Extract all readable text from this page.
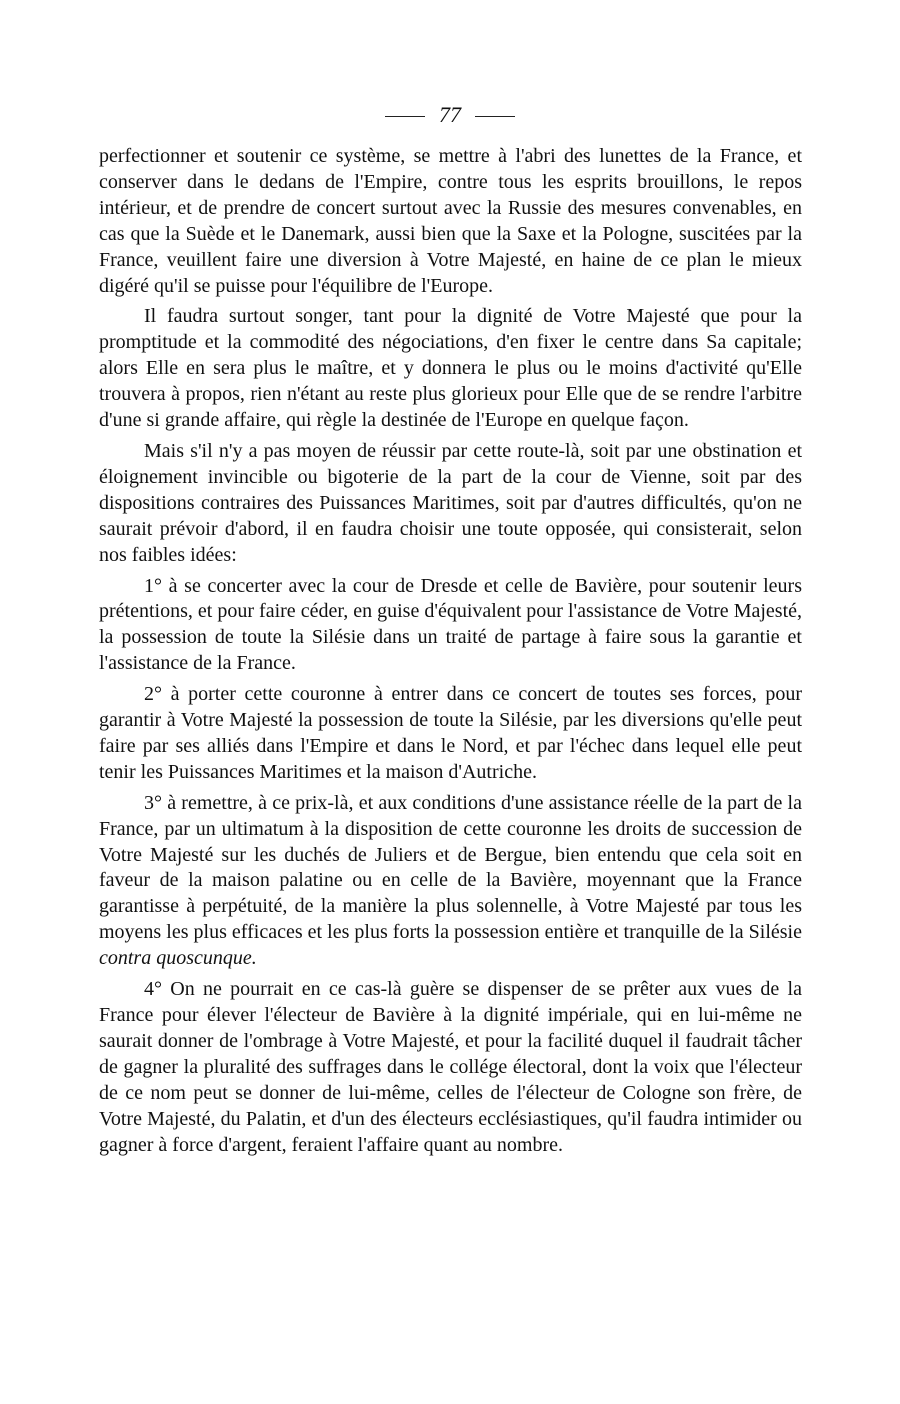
77

perfectionner et soutenir ce système, se mettre à l'abri des lunettes de la France, et conserver dans le dedans de l'Empire, contre tous les esprits brouillons, le repos intérieur, et de prendre de concert surtout avec la Russie des mesures convenables, en cas que la Suède et le Danemark, aussi bien que la Saxe et la Pologne, suscitées par la France, veuillent faire une diversion à Votre Majesté, en haine de ce plan le mieux digéré qu'il se puisse pour l'équilibre de l'Europe.

Il faudra surtout songer, tant pour la dignité de Votre Majesté que pour la promptitude et la commodité des négociations, d'en fixer le centre dans Sa capitale; alors Elle en sera plus le maître, et y donnera le plus ou le moins d'activité qu'Elle trouvera à propos, rien n'étant au reste plus glorieux pour Elle que de se rendre l'arbitre d'une si grande affaire, qui règle la destinée de l'Europe en quelque façon.

Mais s'il n'y a pas moyen de réussir par cette route-là, soit par une obstination et éloignement invincible ou bigoterie de la part de la cour de Vienne, soit par des dispositions contraires des Puissances Maritimes, soit par d'autres difficultés, qu'on ne saurait prévoir d'abord, il en faudra choisir une toute opposée, qui consisterait, selon nos faibles idées:

1° à se concerter avec la cour de Dresde et celle de Bavière, pour soutenir leurs prétentions, et pour faire céder, en guise d'équivalent pour l'assistance de Votre Majesté, la possession de toute la Silésie dans un traité de partage à faire sous la garantie et l'assistance de la France.

2° à porter cette couronne à entrer dans ce concert de toutes ses forces, pour garantir à Votre Majesté la possession de toute la Silésie, par les diversions qu'elle peut faire par ses alliés dans l'Empire et dans le Nord, et par l'échec dans lequel elle peut tenir les Puissances Maritimes et la maison d'Autriche.

3° à remettre, à ce prix-là, et aux conditions d'une assistance réelle de la part de la France, par un ultimatum à la disposition de cette couronne les droits de succession de Votre Majesté sur les duchés de Juliers et de Bergue, bien entendu que cela soit en faveur de la maison palatine ou en celle de la Bavière, moyennant que la France garantisse à perpétuité, de la manière la plus solennelle, à Votre Majesté par tous les moyens les plus efficaces et les plus forts la possession entière et tranquille de la Silésie contra quoscunque.

4° On ne pourrait en ce cas-là guère se dispenser de se prêter aux vues de la France pour élever l'électeur de Bavière à la dignité impériale, qui en lui-même ne saurait donner de l'ombrage à Votre Majesté, et pour la facilité duquel il faudrait tâcher de gagner la pluralité des suffrages dans le collége électoral, dont la voix que l'électeur de ce nom peut se donner de lui-même, celles de l'électeur de Cologne son frère, de Votre Majesté, du Palatin, et d'un des électeurs ecclésiastiques, qu'il faudra intimider ou gagner à force d'argent, feraient l'affaire quant au nombre.
